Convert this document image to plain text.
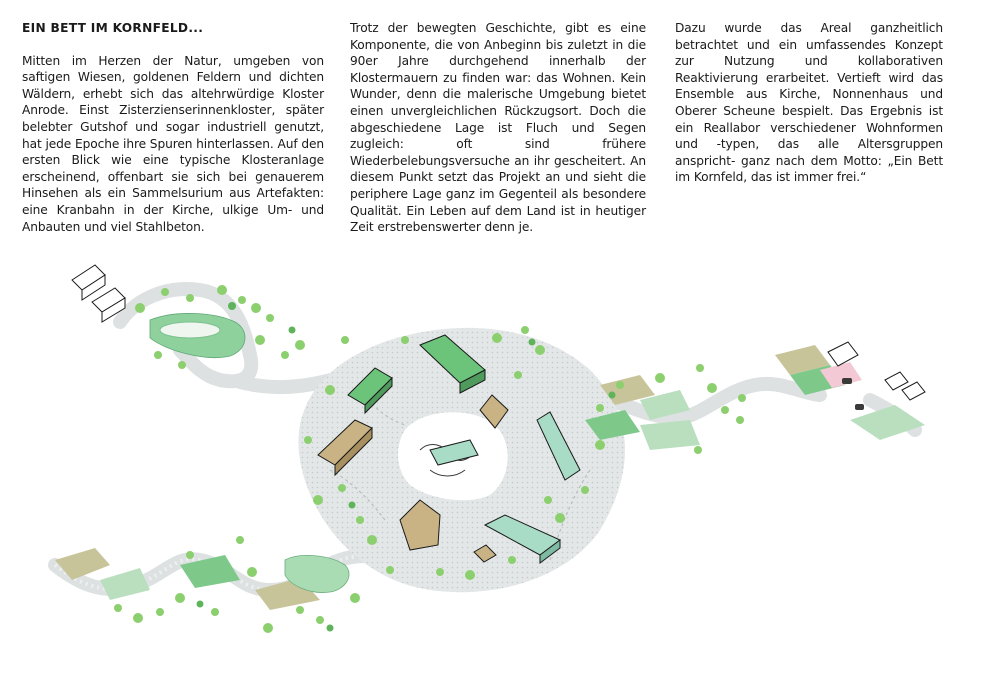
EIN BETT IM KORNFELD...

Mitten im Herzen der Natur, umgeben von saftigen Wiesen, goldenen Feldern und dichten Wäldern, erhebt sich das altehrwürdige Kloster Anrode. Einst Zisterzienserinnenkloster, später belebter Gutshof und sogar industriell genutzt, hat jede Epoche ihre Spuren hinterlassen. Auf den ersten Blick wie eine typische Klosteranlage erscheinend, offenbart sie sich bei genauerem Hinsehen als ein Sammelsurium aus Artefakten: eine Kranbahn in der Kirche, ulkige Um- und Anbauten und viel Stahlbeton.

Trotz der bewegten Geschichte, gibt es eine Komponente, die von Anbeginn bis zuletzt in die 90er Jahre durchgehend innerhalb der Klostermauern zu finden war: das Wohnen. Kein Wunder, denn die malerische Umgebung bietet einen unvergleichlichen Rückzugsort. Doch die abgeschiedene Lage ist Fluch und Segen zugleich: oft sind frühere Wiederbelebungsversuche an ihr gescheitert. An diesem Punkt setzt das Projekt an und sieht die periphere Lage ganz im Gegenteil als besondere Qualität. Ein Leben auf dem Land ist in heutiger Zeit erstrebenswerter denn je.

Dazu wurde das Areal ganzheitlich betrachtet und ein umfassendes Konzept zur Nutzung und kollaborativen Reaktivierung erarbeitet. Vertieft wird das Ensemble aus Kirche, Nonnenhaus und Oberer Scheune bespielt. Das Ergebnis ist ein Reallabor verschiedener Wohnformen und -typen, das alle Altersgruppen anspricht- ganz nach dem Motto: „Ein Bett im Kornfeld, das ist immer frei.“
